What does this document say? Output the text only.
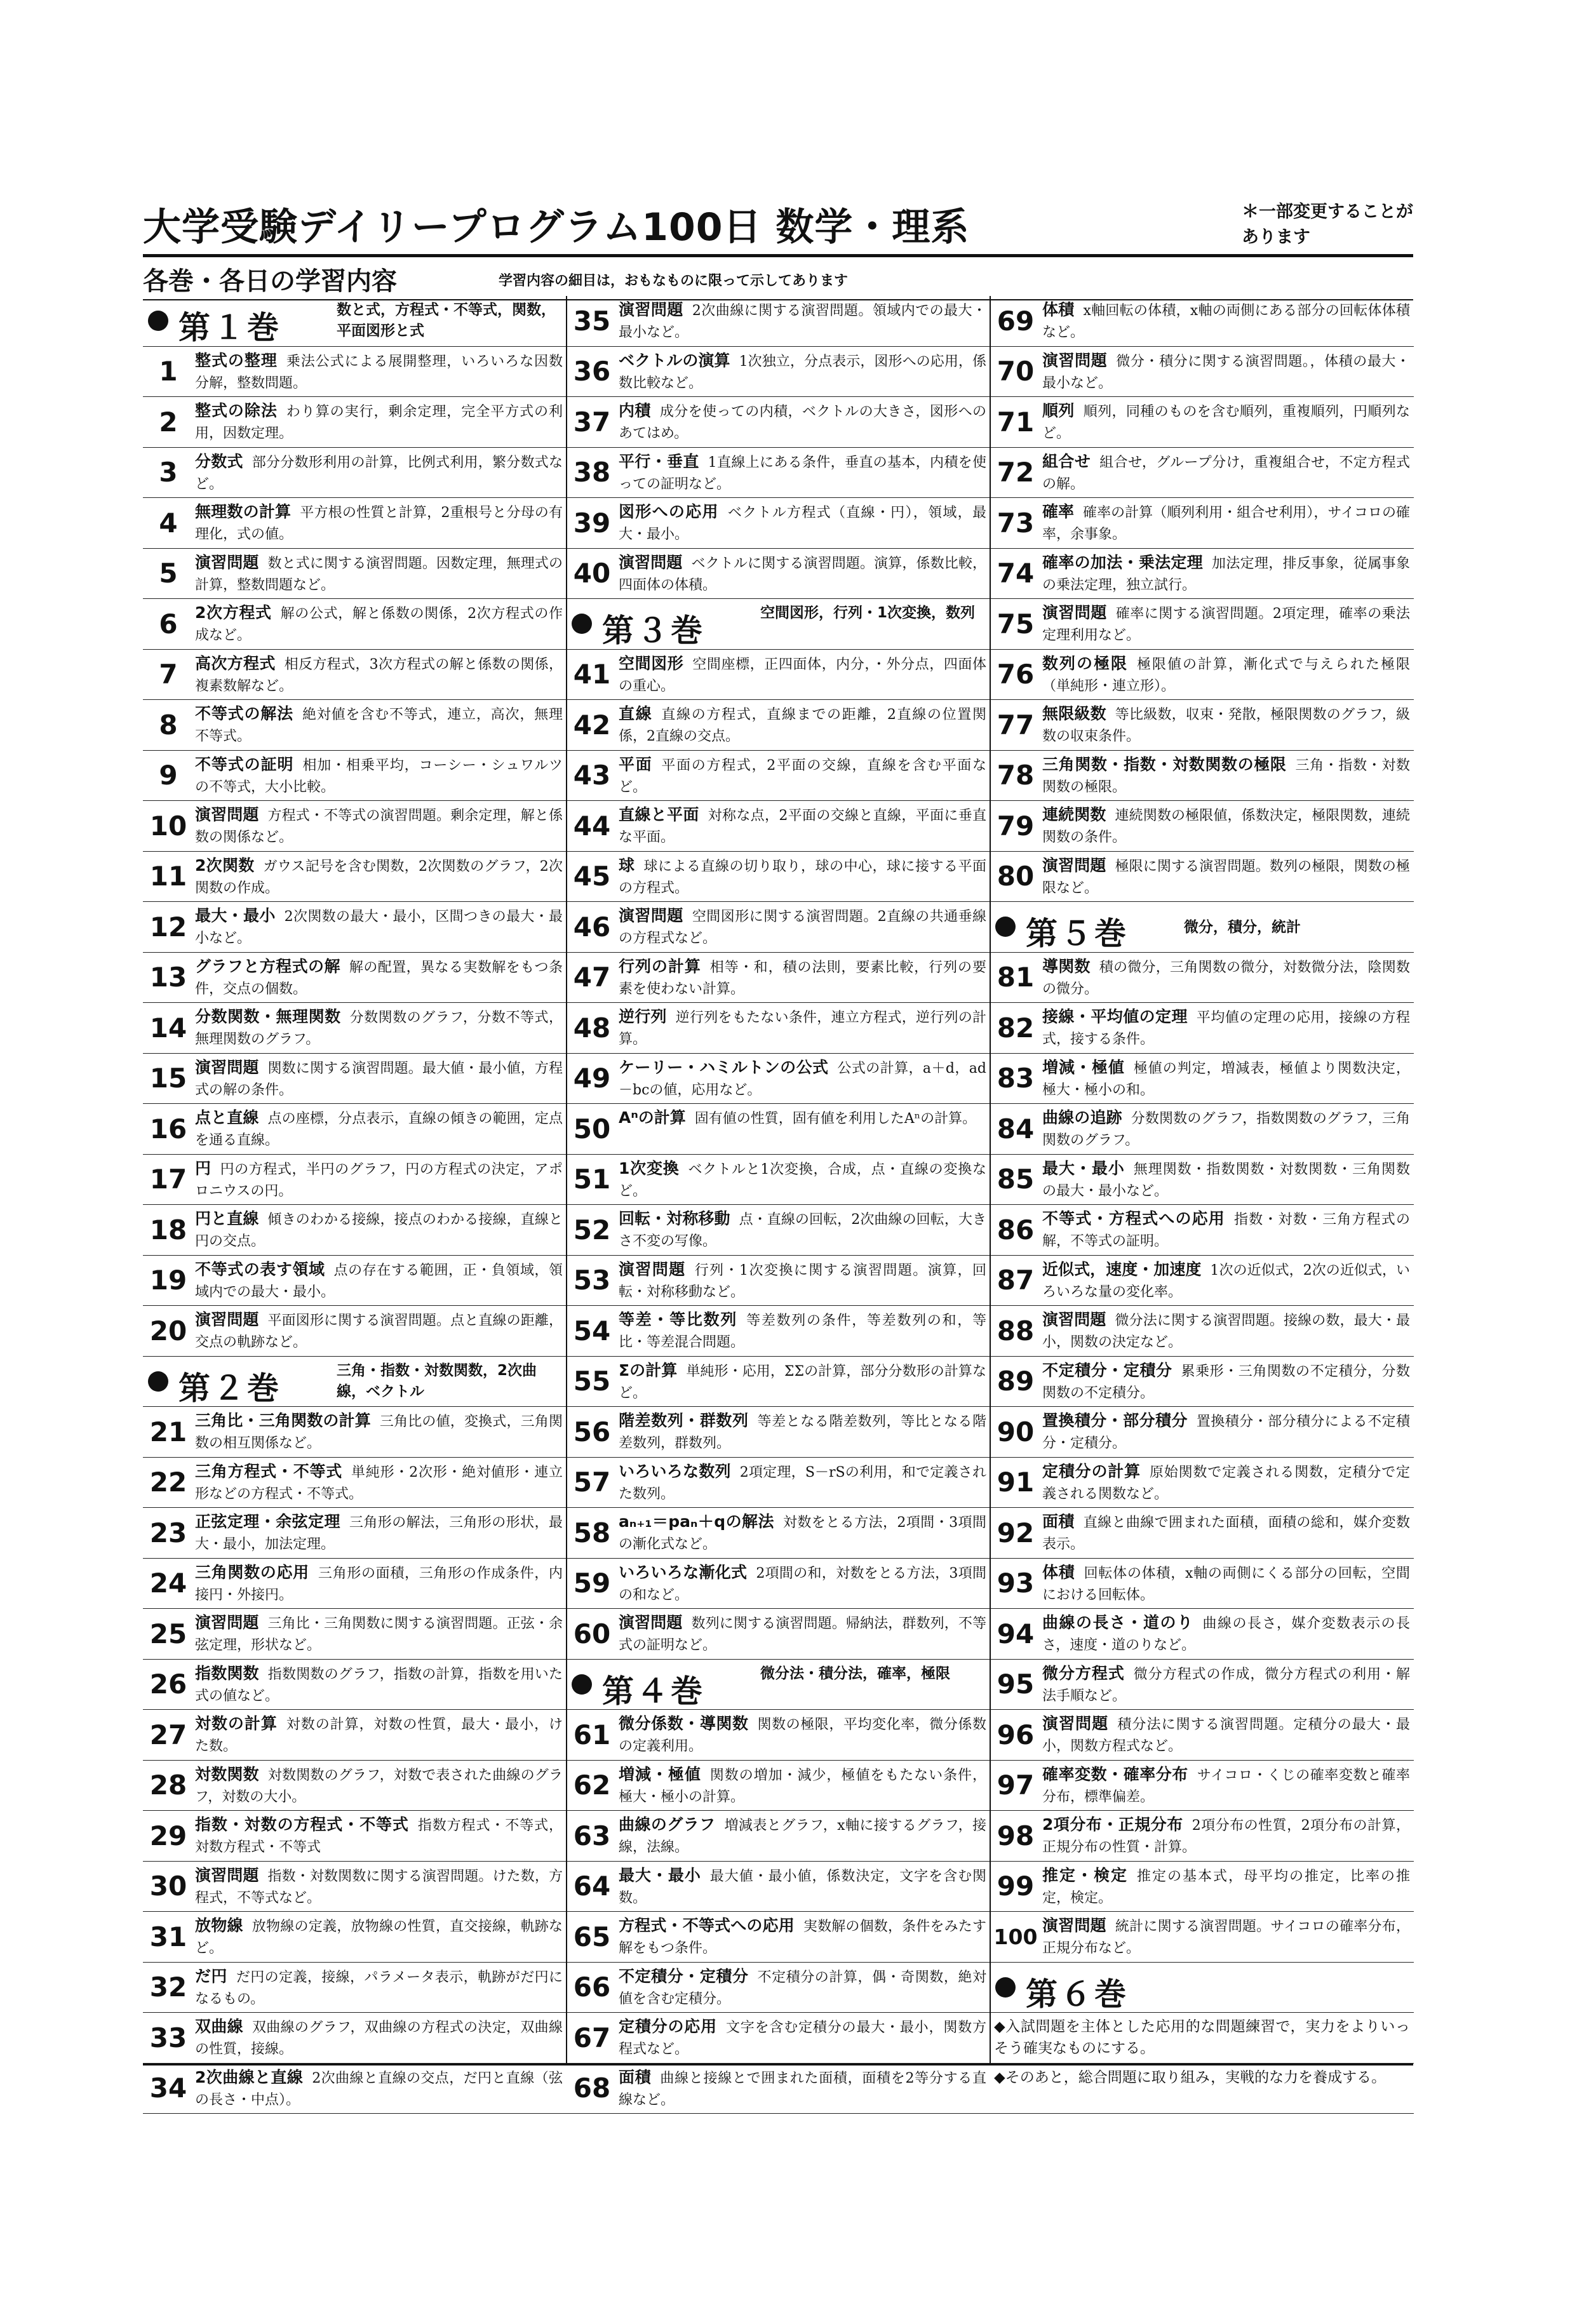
大学受験デイリープログラム100日 数学・理系	＊一部変更することがあります
各巻・各日の学習内容	学習内容の細目は，おもなものに限って示してあります
第１巻	数と式，方程式・不等式，関数，平面図形と式
1	整式の整理 乗法公式による展開整理，いろいろな因数分解，整数問題。
2	整式の除法 わり算の実行，剰余定理，完全平方式の利用，因数定理。
3	分数式 部分分数形利用の計算，比例式利用，繁分数式など。
4	無理数の計算 平方根の性質と計算，2重根号と分母の有理化，式の値。
5	演習問題 数と式に関する演習問題。因数定理，無理式の計算，整数問題など。
6	2次方程式 解の公式，解と係数の関係，2次方程式の作成など。
7	高次方程式 相反方程式，3次方程式の解と係数の関係，複素数解など。
8	不等式の解法 絶対値を含む不等式，連立，高次，無理不等式。
9	不等式の証明 相加・相乗平均，コーシー・シュワルツの不等式，大小比較。
10 演習問題 方程式・不等式の演習問題。剰余定理，解と係数の関係など。
11 2次関数 ガウス記号を含む関数，2次関数のグラフ，2次関数の作成。
12 最大・最小 2次関数の最大・最小，区間つきの最大・最小など。
13 グラフと方程式の解 解の配置，異なる実数解をもつ条件，交点の個数。
14 分数関数・無理関数 分数関数のグラフ，分数不等式，無理関数のグラフ。
15 演習問題 関数に関する演習問題。最大値・最小値，方程式の解の条件。
16 点と直線 点の座標，分点表示，直線の傾きの範囲，定点を通る直線。
17 円 円の方程式，半円のグラフ，円の方程式の決定，アポロニウスの円。
18 円と直線 傾きのわかる接線，接点のわかる接線，直線と円の交点。
19 不等式の表す領域 点の存在する範囲，正・負領域，領域内での最大・最小。
20 演習問題 平面図形に関する演習問題。点と直線の距離，交点の軌跡など。
第２巻	三角・指数・対数関数，2次曲線，ベクトル
21 三角比・三角関数の計算 三角比の値，変換式，三角関数の相互関係など。
22 三角方程式・不等式 単純形・2次形・絶対値形・連立形などの方程式・不等式。
23 正弦定理・余弦定理 三角形の解法，三角形の形状，最大・最小，加法定理。
24 三角関数の応用 三角形の面積，三角形の作成条件，内接円・外接円。
25 演習問題 三角比・三角関数に関する演習問題。正弦・余弦定理，形状など。
26 指数関数 指数関数のグラフ，指数の計算，指数を用いた式の値など。
27 対数の計算 対数の計算，対数の性質，最大・最小，けた数。
28 対数関数 対数関数のグラフ，対数で表された曲線のグラフ，対数の大小。
29 指数・対数の方程式・不等式 指数方程式・不等式，対数方程式・不等式
30 演習問題 指数・対数関数に関する演習問題。けた数，方程式，不等式など。
31 放物線 放物線の定義，放物線の性質，直交接線，軌跡など。
32 だ円 だ円の定義，接線，パラメータ表示，軌跡がだ円になるもの。
33 双曲線 双曲線のグラフ，双曲線の方程式の決定，双曲線の性質，接線。
34 2次曲線と直線 2次曲線と直線の交点，だ円と直線（弦の長さ・中点）。
35 演習問題 2次曲線に関する演習問題。領域内での最大・最小など。
36 ベクトルの演算 1次独立，分点表示，図形への応用，係数比較など。
37 内積 成分を使っての内積，ベクトルの大きさ，図形へのあてはめ。
38 平行・垂直 1直線上にある条件，垂直の基本，内積を使っての証明など。
39 図形への応用 ベクトル方程式（直線・円），領域，最大・最小。
40 演習問題 ベクトルに関する演習問題。演算，係数比較，四面体の体積。
第３巻	空間図形，行列・1次変換，数列
41 空間図形 空間座標，正四面体，内分，・外分点，四面体の重心。
42 直線 直線の方程式，直線までの距離，2直線の位置関係，2直線の交点。
43 平面 平面の方程式，2平面の交線，直線を含む平面など。
44 直線と平面 対称な点，2平面の交線と直線，平面に垂直な平面。
45 球 球による直線の切り取り，球の中心，球に接する平面の方程式。
46 演習問題 空間図形に関する演習問題。2直線の共通垂線の方程式など。
47 行列の計算 相等・和，積の法則，要素比較，行列の要素を使わない計算。
48 逆行列 逆行列をもたない条件，連立方程式，逆行列の計算。
49 ケーリー・ハミルトンの公式 公式の計算，a＋d，ad－bcの値，応用など。
50 Aⁿの計算 固有値の性質，固有値を利用したAⁿの計算。
51 1次変換 ベクトルと1次変換，合成，点・直線の変換など。
52 回転・対称移動 点・直線の回転，2次曲線の回転，大きさ不変の写像。
53 演習問題 行列・1次変換に関する演習問題。演算，回転・対称移動など。
54 等差・等比数列 等差数列の条件，等差数列の和，等比・等差混合問題。
55 Σの計算 単純形・応用，ΣΣの計算，部分分数形の計算など。
56 階差数列・群数列 等差となる階差数列，等比となる階差数列，群数列。
57 いろいろな数列 2項定理，S－rSの利用，和で定義された数列。
58 aₙ₊₁＝paₙ＋qの解法 対数をとる方法，2項間・3項間の漸化式など。
59 いろいろな漸化式 2項間の和，対数をとる方法，3項間の和など。
60 演習問題 数列に関する演習問題。帰納法，群数列，不等式の証明など。
第４巻	微分法・積分法，確率，極限
61 微分係数・導関数 関数の極限，平均変化率，微分係数の定義利用。
62 増減・極値 関数の増加・減少，極値をもたない条件，極大・極小の計算。
63 曲線のグラフ 増減表とグラフ，x軸に接するグラフ，接線，法線。
64 最大・最小 最大値・最小値，係数決定，文字を含む関数。
65 方程式・不等式への応用 実数解の個数，条件をみたす解をもつ条件。
66 不定積分・定積分 不定積分の計算，偶・奇関数，絶対値を含む定積分。
67 定積分の応用 文字を含む定積分の最大・最小，関数方程式など。
68 面積 曲線と接線とで囲まれた面積，面積を2等分する直線など。
69 体積 x軸回転の体積，x軸の両側にある部分の回転体体積など。
70 演習問題 微分・積分に関する演習問題。，体積の最大・最小など。
71 順列 順列，同種のものを含む順列，重複順列，円順列など。
72 組合せ 組合せ，グループ分け，重複組合せ，不定方程式の解。
73 確率 確率の計算（順列利用・組合せ利用），サイコロの確率，余事象。
74 確率の加法・乗法定理 加法定理，排反事象，従属事象の乗法定理，独立試行。
75 演習問題 確率に関する演習問題。2項定理，確率の乗法定理利用など。
76 数列の極限 極限値の計算，漸化式で与えられた極限（単純形・連立形）。
77 無限級数 等比級数，収束・発散，極限関数のグラフ，級数の収束条件。
78 三角関数・指数・対数関数の極限 三角・指数・対数関数の極限。
79 連続関数 連続関数の極限値，係数決定，極限関数，連続関数の条件。
80 演習問題 極限に関する演習問題。数列の極限，関数の極限など。
第５巻	微分，積分，統計
81 導関数 積の微分，三角関数の微分，対数微分法，陰関数の微分。
82 接線・平均値の定理 平均値の定理の応用，接線の方程式，接する条件。
83 増減・極値 極値の判定，増減表，極値より関数決定，極大・極小の和。
84 曲線の追跡 分数関数のグラフ，指数関数のグラフ，三角関数のグラフ。
85 最大・最小 無理関数・指数関数・対数関数・三角関数の最大・最小など。
86 不等式・方程式への応用 指数・対数・三角方程式の解，不等式の証明。
87 近似式，速度・加速度 1次の近似式，2次の近似式，いろいろな量の変化率。
88 演習問題 微分法に関する演習問題。接線の数，最大・最小，関数の決定など。
89 不定積分・定積分 累乗形・三角関数の不定積分，分数関数の不定積分。
90 置換積分・部分積分 置換積分・部分積分による不定積分・定積分。
91 定積分の計算 原始関数で定義される関数，定積分で定義される関数など。
92 面積 直線と曲線で囲まれた面積，面積の総和，媒介変数表示。
93 体積 回転体の体積，x軸の両側にくる部分の回転，空間における回転体。
94 曲線の長さ・道のり 曲線の長さ，媒介変数表示の長さ，速度・道のりなど。
95 微分方程式 微分方程式の作成，微分方程式の利用・解法手順など。
96 演習問題 積分法に関する演習問題。定積分の最大・最小，関数方程式など。
97 確率変数・確率分布 サイコロ・くじの確率変数と確率分布，標準偏差。
98 2項分布・正規分布 2項分布の性質，2項分布の計算，正規分布の性質・計算。
99 推定・検定 推定の基本式，母平均の推定，比率の推定，検定。
100 演習問題 統計に関する演習問題。サイコロの確率分布，正規分布など。
第６巻
◆入試問題を主体とした応用的な問題練習で，実力をよりいっそう確実なものにする。
◆そのあと，総合問題に取り組み，実戦的な力を養成する。
